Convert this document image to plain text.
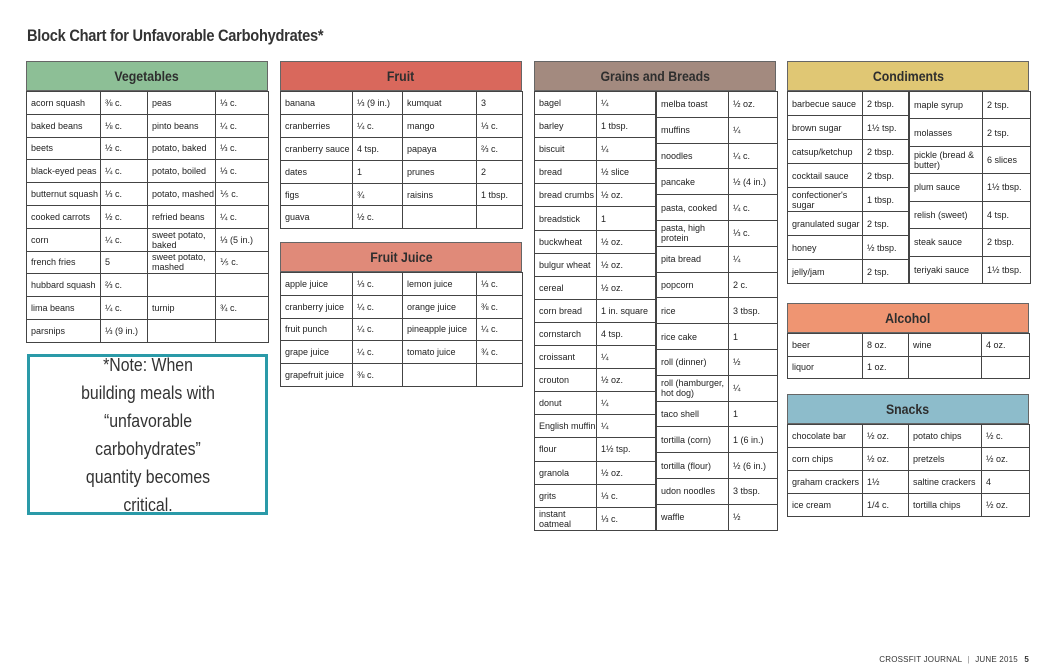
Block Chart for Unfavorable Carbohydrates*
Vegetables
acorn squash	⅜ c.	peas	⅓ c.
baked beans	⅛ c.	pinto beans	¼ c.
beets	½ c.	potato, baked	⅓ c.
black-eyed peas	¼ c.	potato, boiled	⅓ c.
butternut squash	⅓ c.	potato, mashed	⅕ c.
cooked carrots	½ c.	refried beans	¼ c.
corn	¼ c.	sweet potato, baked	⅓ (5 in.)
french fries	5	sweet potato, mashed	⅕ c.
hubbard squash	⅔ c.		
lima beans	¼ c.	turnip	¾ c.
parsnips	⅓ (9 in.)		
Fruit
banana	⅓ (9 in.)	kumquat	3
cranberries	¼ c.	mango	⅓ c.
cranberry sauce	4 tsp.	papaya	⅔ c.
dates	1	prunes	2
figs	¾	raisins	1 tbsp.
guava	½ c.		
Fruit Juice
apple juice	⅓ c.	lemon juice	⅓ c.
cranberry juice	¼ c.	orange juice	⅜ c.
fruit punch	¼ c.	pineapple juice	¼ c.
grape juice	¼ c.	tomato juice	¾ c.
grapefruit juice	⅜ c.		
Grains and Breads
bagel	¼
barley	1 tbsp.
biscuit	¼
bread	½ slice
bread crumbs	½ oz.
breadstick	1
buckwheat	½ oz.
bulgur wheat	½ oz.
cereal	½ oz.
corn bread	1 in. square
cornstarch	4 tsp.
croissant	¼
crouton	½ oz.
donut	¼
English muffin	¼
flour	1½ tsp.
granola	½ oz.
grits	⅓ c.
instant oatmeal	⅓ c.
melba toast	½ oz.
muffins	¼
noodles	¼ c.
pancake	½ (4 in.)
pasta, cooked	¼ c.
pasta, high protein	⅓ c.
pita bread	¼
popcorn	2 c.
rice	3 tbsp.
rice cake	1
roll (dinner)	½
roll (hamburger, hot dog)	¼
taco shell	1
tortilla (corn)	1 (6 in.)
tortilla (flour)	½ (6 in.)
udon noodles	3 tbsp.
waffle	½
Condiments
barbecue sauce	2 tbsp.
brown sugar	1½ tsp.
catsup/ketchup	2 tbsp.
cocktail sauce	2 tbsp.
confectioner's sugar	1 tbsp.
granulated sugar	2 tsp.
honey	½ tbsp.
jelly/jam	2 tsp.
maple syrup	2 tsp.
molasses	2 tsp.
pickle (bread & butter)	6 slices
plum sauce	1½ tbsp.
relish (sweet)	4 tsp.
steak sauce	2 tbsp.
teriyaki sauce	1½ tbsp.
Alcohol
beer	8 oz.	wine	4 oz.
liquor	1 oz.		
Snacks
chocolate bar	½ oz.	potato chips	½ c.
corn chips	½ oz.	pretzels	½ oz.
graham crackers	1½	saltine crackers	4
ice cream	1/4 c.	tortilla chips	½ oz.
*Note: When building meals with “unfavorable carbohydrates” quantity becomes critical.
CROSSFIT JOURNAL | JUNE 2015 5
